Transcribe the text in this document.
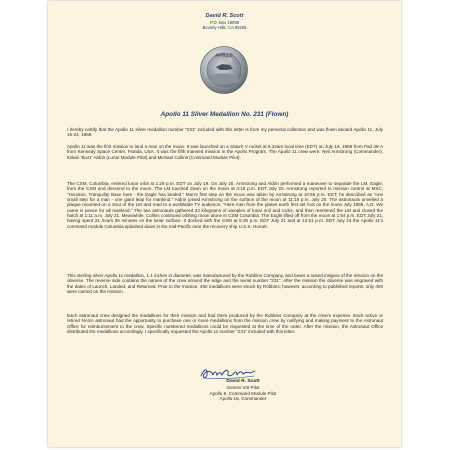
David R. Scott
P.O. Box 18098
Beverly Hills, CA 90209
APOLLO
Apollo 11 Silver Medallion No. 231 (Flown)
I hereby certify that the Apollo 11 silver medallion number "231" included with this letter is from my personal collection and was flown aboard Apollo 11, July 16-24, 1969.
Apollo 11 was the first mission to land a man on the moon. It was launched on a Saturn V rocket at 9.32am local time (EDT) on July 16, 1969 from Pad 39-A from Kennedy Space Center, Florida, USA. It was the fifth manned mission in the Apollo Program. The Apollo 11 crew were: Neil Armstrong (Commander), Edwin 'Buzz' Aldrin (Lunar Module Pilot) and Michael Collins (Command Module Pilot).
The CSM, Columbia, entered lunar orbit at 1:28 p.m. EDT on July 19. On July 20, Armstrong and Aldrin performed a maneuver to separate the LM, Eagle, from the CSM and descend to the moon. The LM touched down on the moon at 4:18 p.m. EDT July 20. Armstrong reported to mission control at MSC, "Houston, Tranquility Base here - the Eagle has landed." Man's first step on the moon was taken by Armstrong at 10:56 p.m. EDT; he described as "one small step for a man - one giant leap for mankind." Aldrin joined Armstrong on the surface of the moon at 11:15 p.m. July 20. The astronauts unveiled a plaque mounted on a strut of the LM and read to a worldwide TV audience, "Here men from the planet earth first set foot on the moon July 1969, A.D. We came in peace for all mankind." The two astronauts gathered 22 kilograms of samples of lunar soil and rocks, and then reentered the LM and closed the hatch at 1:11 a.m. July 21. Meanwhile, Collins continued orbiting moon alone in CSM Columbia. The Eagle lifted off from the moon at 1:54 p.m. EDT July 21, having spent 21 hours 36 minutes on the lunar surface. It docked with the CSM at 5:35 p.m. EDT July 21 and at 12:51 p.m. EDT July 24 the Apollo 11's command module Columbia splashed down in the mid-Pacific near the recovery ship U.S.S. Hornet.
This sterling silver Apollo 11 medallion, 1.1 inches in diameter, was manufactured by the Robbins Company, and bears a raised insignia of the mission on the obverse. The reverse side contains the names of the crew around the edge and the serial number "231". After the mission the obverse was engraved with the dates of Launch, Landed, and Returned. Prior to the mission, 450 medallions were struck by Robbins; however, according to published reports, only 400 were carried on the mission.
Each astronaut crew designed the medallions for their mission and had them produced by the Robbins Company at the crew's expense. Each active or retired NASA astronaut had the opportunity to purchase one or more medallions from the mission crew by notifying and making payment to the Astronaut Office for reimbursement to the crew. Specific numbered medallions could be requested at the time of the order. After the mission, the Astronaut Office distributed the medallions accordingly. I specifically requested the Apollo 11 number "231" included with this letter.
David R. Scott
Gemini VIII Pilot
Apollo 9, Command Module Pilot
Apollo 15, Commander
